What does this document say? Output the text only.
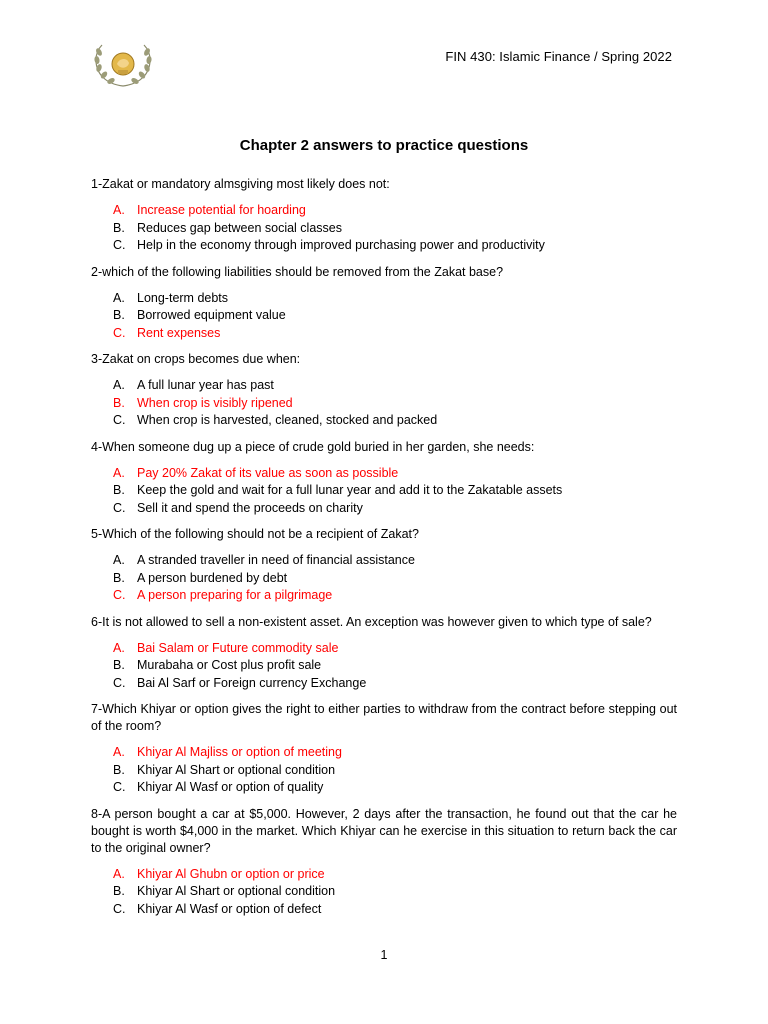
FIN 430: Islamic Finance / Spring 2022
Chapter 2 answers to practice questions

1-Zakat or mandatory almsgiving most likely does not:

A. Increase potential for hoarding
B. Reduces gap between social classes
C. Help in the economy through improved purchasing power and productivity

2-which of the following liabilities should be removed from the Zakat base?

A. Long-term debts
B. Borrowed equipment value
C. Rent expenses

3-Zakat on crops becomes due when:

A. A full lunar year has past
B. When crop is visibly ripened
C. When crop is harvested, cleaned, stocked and packed

4-When someone dug up a piece of crude gold buried in her garden, she needs:

A. Pay 20% Zakat of its value as soon as possible
B. Keep the gold and wait for a full lunar year and add it to the Zakatable assets
C. Sell it and spend the proceeds on charity

5-Which of the following should not be a recipient of Zakat?

A. A stranded traveller in need of financial assistance
B. A person burdened by debt
C. A person preparing for a pilgrimage

6-It is not allowed to sell a non-existent asset. An exception was however given to which type of sale?

A. Bai Salam or Future commodity sale
B. Murabaha or Cost plus profit sale
C. Bai Al Sarf or Foreign currency Exchange

7-Which Khiyar or option gives the right to either parties to withdraw from the contract before stepping out of the room?

A. Khiyar Al Majliss or option of meeting
B. Khiyar Al Shart or optional condition
C. Khiyar Al Wasf or option of quality

8-A person bought a car at $5,000. However, 2 days after the transaction, he found out that the car he bought is worth $4,000 in the market. Which Khiyar can he exercise in this situation to return back the car to the original owner?

A. Khiyar Al Ghubn or option or price
B. Khiyar Al Shart or optional condition
C. Khiyar Al Wasf or option of defect
1
